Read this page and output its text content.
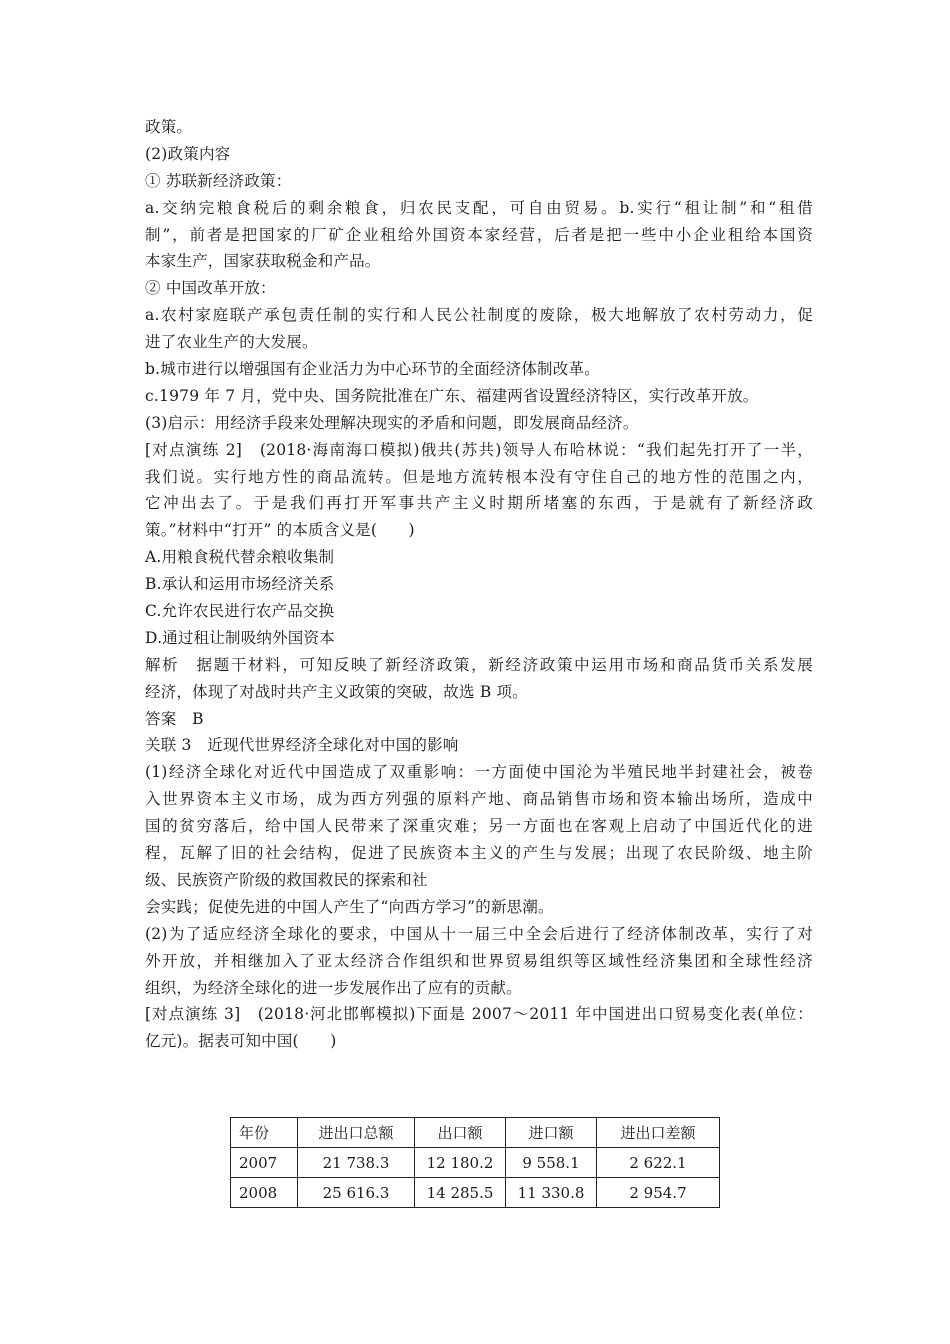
政策。
(2)政策内容
① 苏联新经济政策：
a.交纳完粮食税后的剩余粮食，归农民支配，可自由贸易。b.实行“租让制”和“租借
制”，前者是把国家的厂矿企业租给外国资本家经营，后者是把一些中小企业租给本国资
本家生产，国家获取税金和产品。
② 中国改革开放：
a.农村家庭联产承包责任制的实行和人民公社制度的废除，极大地解放了农村劳动力，促
进了农业生产的大发展。
b.城市进行以增强国有企业活力为中心环节的全面经济体制改革。
c.1979 年 7 月，党中央、国务院批准在广东、福建两省设置经济特区，实行改革开放。
(3)启示：用经济手段来处理解决现实的矛盾和问题，即发展商品经济。
[对点演练 2]　(2018·海南海口模拟)俄共(苏共)领导人布哈林说：“我们起先打开了一半，
我们说。实行地方性的商品流转。但是地方流转根本没有守住自己的地方性的范围之内，
它冲出去了。于是我们再打开军事共产主义时期所堵塞的东西，于是就有了新经济政
策。”材料中“打开” 的本质含义是(　　)
A.用粮食税代替余粮收集制
B.承认和运用市场经济关系
C.允许农民进行农产品交换
D.通过租让制吸纳外国资本
解析　据题干材料，可知反映了新经济政策，新经济政策中运用市场和商品货币关系发展
经济，体现了对战时共产主义政策的突破，故选 B 项。
答案　B
关联 3　近现代世界经济全球化对中国的影响
(1)经济全球化对近代中国造成了双重影响：一方面使中国沦为半殖民地半封建社会，被卷
入世界资本主义市场，成为西方列强的原料产地、商品销售市场和资本输出场所，造成中
国的贫穷落后，给中国人民带来了深重灾难；另一方面也在客观上启动了中国近代化的进
程，瓦解了旧的社会结构，促进了民族资本主义的产生与发展；出现了农民阶级、地主阶
级、民族资产阶级的救国救民的探索和社
会实践；促使先进的中国人产生了“向西方学习”的新思潮。
(2)为了适应经济全球化的要求，中国从十一届三中全会后进行了经济体制改革，实行了对
外开放，并相继加入了亚太经济合作组织和世界贸易组织等区域性经济集团和全球性经济
组织，为经济全球化的进一步发展作出了应有的贡献。
[对点演练 3]　(2018·河北邯郸模拟)下面是 2007～2011 年中国进出口贸易变化表(单位：
亿元)。据表可知中国(　　)
年份	进出口总额	出口额	进口额	进出口差额
2007	21 738.3	12 180.2	9 558.1	2 622.1
2008	25 616.3	14 285.5	11 330.8	2 954.7
